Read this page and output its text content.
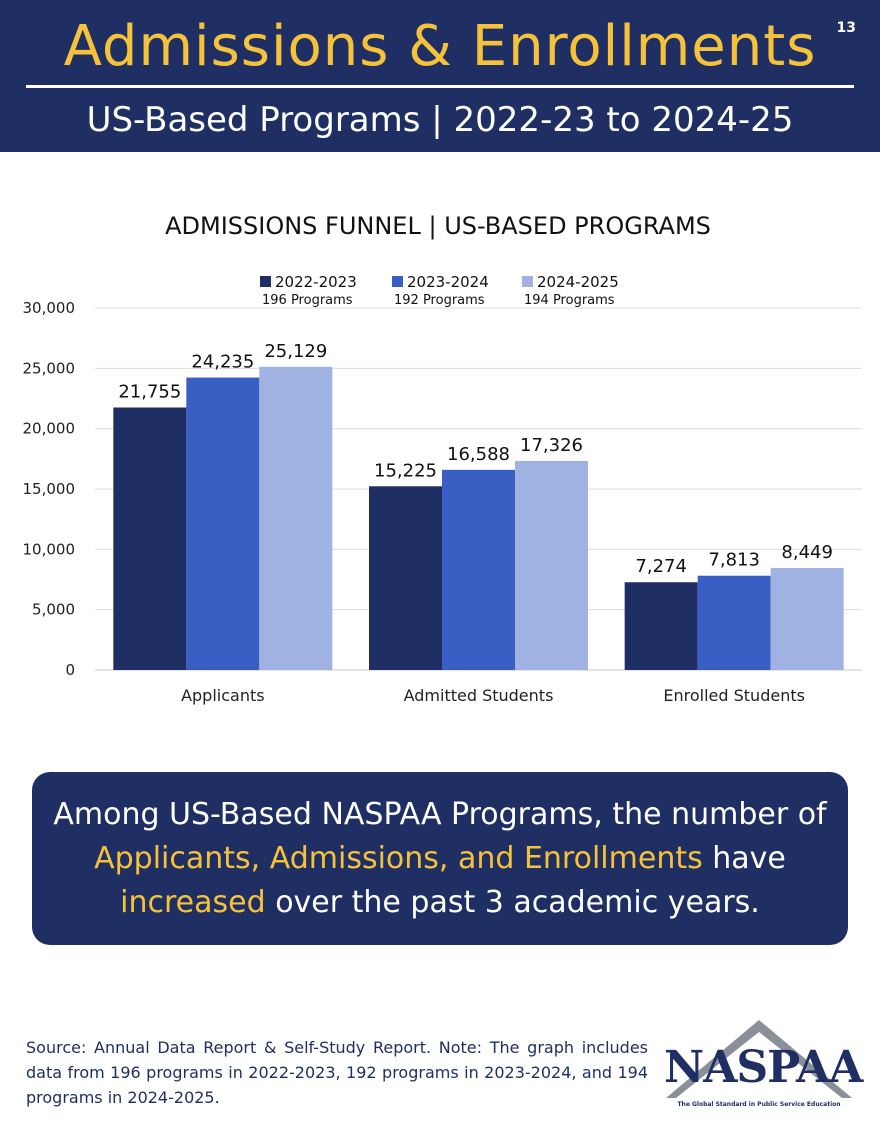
Admissions & Enrollments
US-Based Programs | 2022-23 to 2024-25
13
ADMISSIONS FUNNEL | US-BASED PROGRAMS
0
5,000
10,000
15,000
20,000
25,000
30,000
21,755
24,235
25,129
15,225
16,588 17,326
7,274 7,813 8,449
Applicants	Admitted Students	Enrolled Students
2022-2023
196 Programs
2023-2024
192 Programs
2024-2025
194 Programs
Among US-Based NASPAA Programs, the number of Applicants, Admissions, and Enrollments have increased over the past 3 academic years.
Source: Annual Data Report & Self-Study Report. Note: The graph includes data from 196 programs in 2022-2023, 192 programs in 2023-2024, and 194 programs in 2024-2025.
NASPAA
The Global Standard in Public Service Education
